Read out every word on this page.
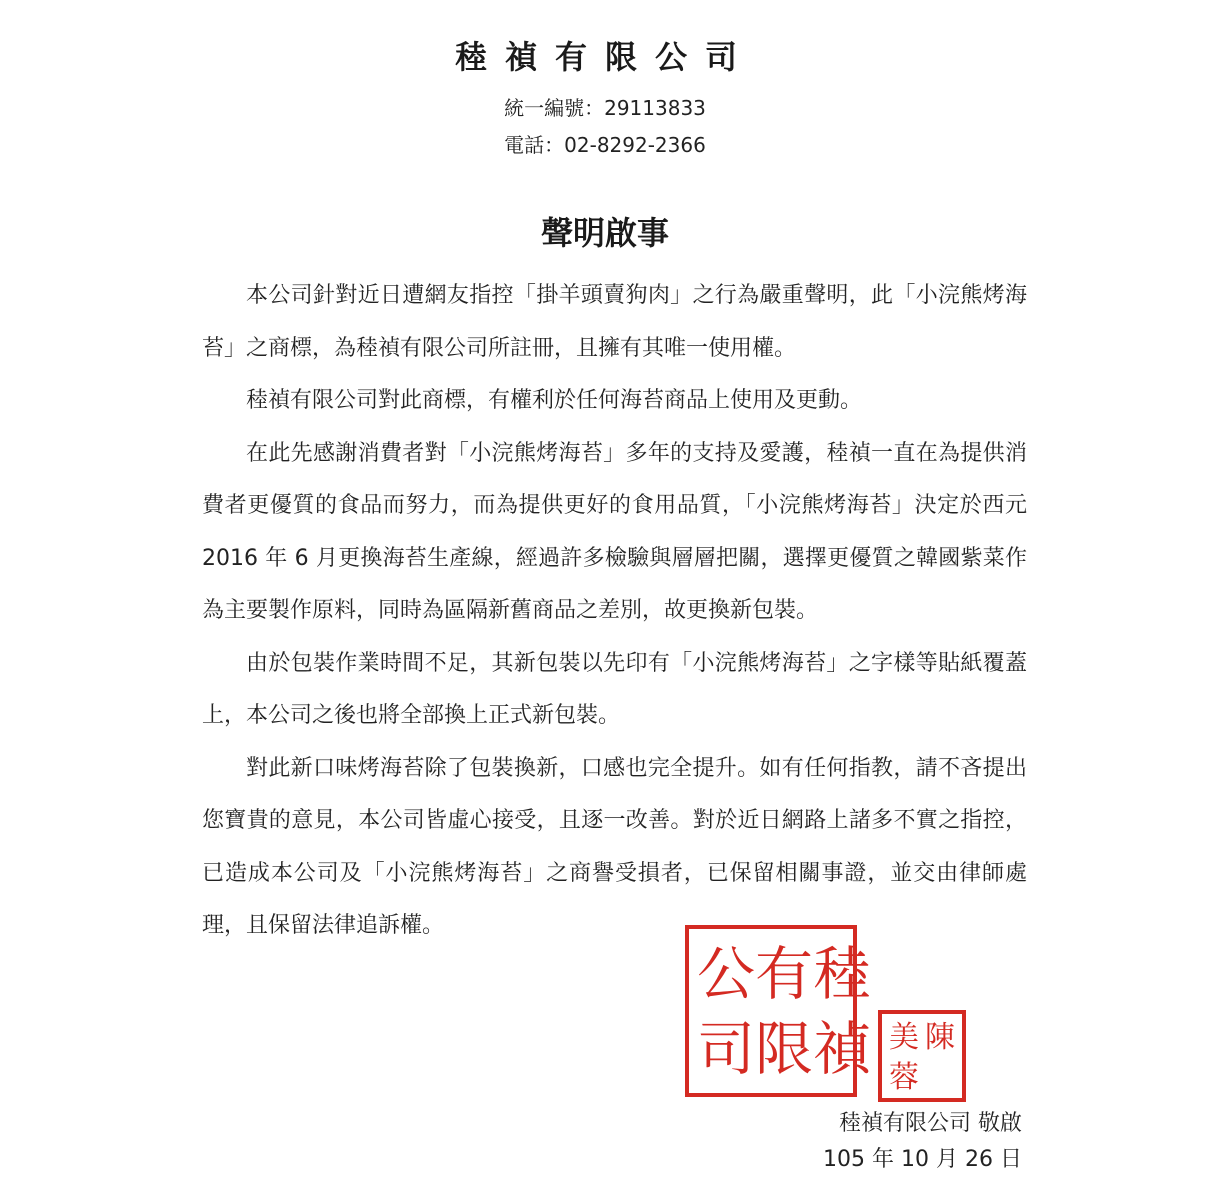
稑禎有限公司
統一編號：29113833
電話：02-8292-2366
聲明啟事

本公司針對近日遭網友指控「掛羊頭賣狗肉」之行為嚴重聲明，此「小浣熊烤海苔」之商標，為稑禎有限公司所註冊，且擁有其唯一使用權。

稑禎有限公司對此商標，有權利於任何海苔商品上使用及更動。

在此先感謝消費者對「小浣熊烤海苔」多年的支持及愛護，稑禎一直在為提供消費者更優質的食品而努力，而為提供更好的食用品質，「小浣熊烤海苔」決定於西元 2016 年 6 月更換海苔生產線，經過許多檢驗與層層把關，選擇更優質之韓國紫菜作為主要製作原料，同時為區隔新舊商品之差別，故更換新包裝。

由於包裝作業時間不足，其新包裝以先印有「小浣熊烤海苔」之字樣等貼紙覆蓋上，本公司之後也將全部換上正式新包裝。

對此新口味烤海苔除了包裝換新，口感也完全提升。如有任何指教，請不吝提出您寶貴的意見，本公司皆虛心接受，且逐一改善。對於近日網路上諸多不實之指控，已造成本公司及「小浣熊烤海苔」之商譽受損者，已保留相關事證，並交由律師處理，且保留法律追訴權。

公
司
有
限
稑
禎 美
蓉
陳
稑禎有限公司 敬啟
105 年 10 月 26 日
